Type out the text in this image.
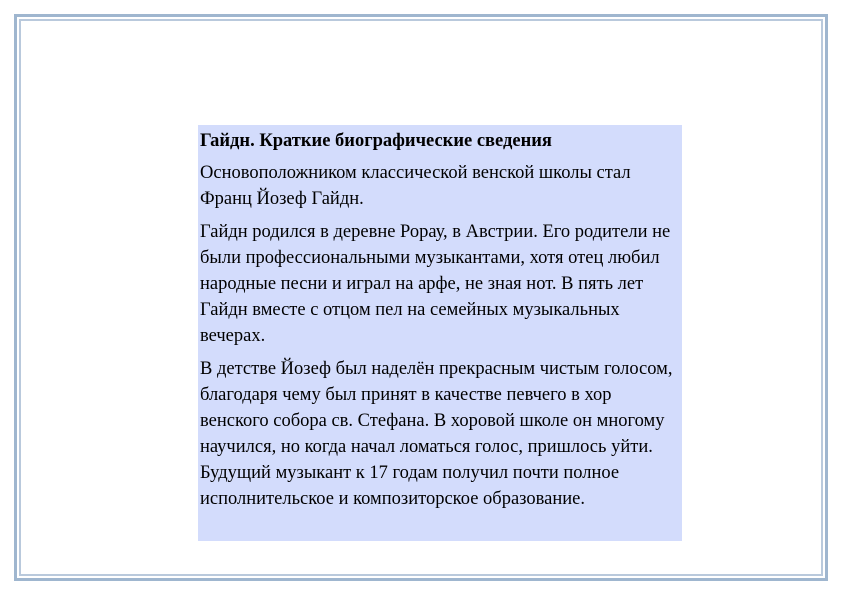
Гайдн. Краткие биографические сведения

Основоположником классической венской школы стал Франц Йозеф Гайдн.

Гайдн родился в деревне Рорау, в Австрии. Его родители не были профессиональными музыкантами, хотя отец любил народные песни и играл на арфе, не зная нот. В пять лет Гайдн вместе с отцом пел на семейных музыкальных вечерах.

В детстве Йозеф был наделён прекрасным чистым голосом, благодаря чему был принят в качестве певчего в хор венского собора св. Стефана. В хоровой школе он многому научился, но когда начал ломаться голос, пришлось уйти. Будущий музыкант к 17 годам получил почти полное исполнительское и композиторское образование.
